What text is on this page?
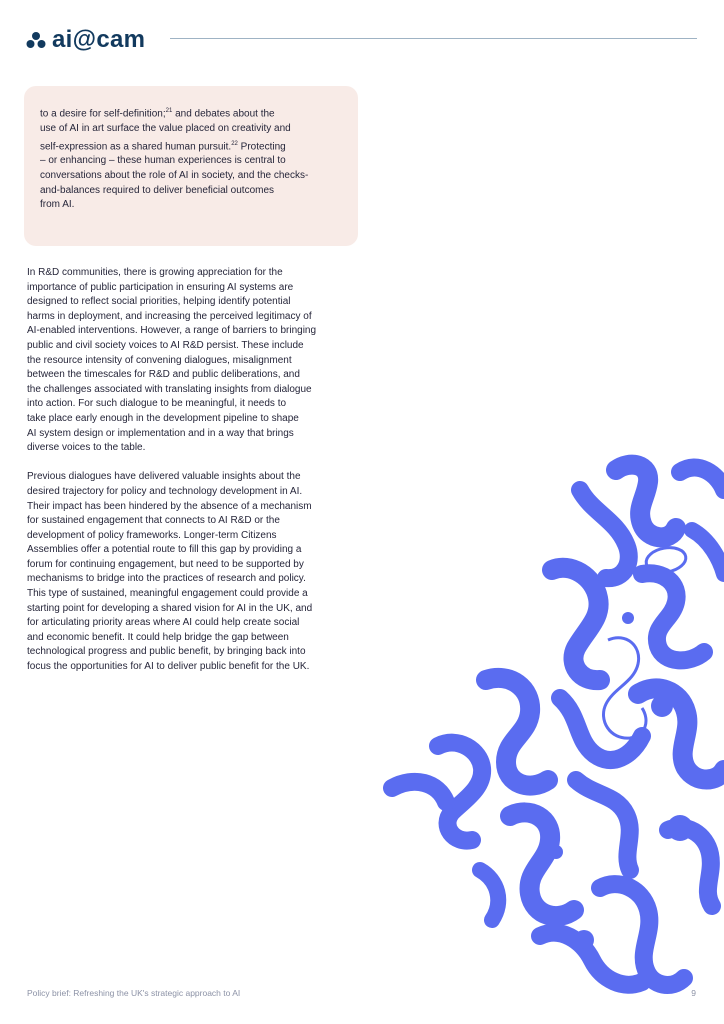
ai@cam
to a desire for self-definition;$^{21}$ and debates about the
use of AI in art surface the value placed on creativity and
self-expression as a shared human pursuit.$^{22}$ Protecting
– or enhancing – these human experiences is central to
conversations about the role of AI in society, and the checks-
and-balances required to deliver beneficial outcomes
from AI.
In R&D communities, there is growing appreciation for the
importance of public participation in ensuring AI systems are
designed to reflect social priorities, helping identify potential
harms in deployment, and increasing the perceived legitimacy of
AI-enabled interventions. However, a range of barriers to bringing
public and civil society voices to AI R&D persist. These include
the resource intensity of convening dialogues, misalignment
between the timescales for R&D and public deliberations, and
the challenges associated with translating insights from dialogue
into action. For such dialogue to be meaningful, it needs to
take place early enough in the development pipeline to shape
AI system design or implementation and in a way that brings
diverse voices to the table.
Previous dialogues have delivered valuable insights about the
desired trajectory for policy and technology development in AI.
Their impact has been hindered by the absence of a mechanism
for sustained engagement that connects to AI R&D or the
development of policy frameworks. Longer-term Citizens
Assemblies offer a potential route to fill this gap by providing a
forum for continuing engagement, but need to be supported by
mechanisms to bridge into the practices of research and policy.
This type of sustained, meaningful engagement could provide a
starting point for developing a shared vision for AI in the UK, and
for articulating priority areas where AI could help create social
and economic benefit. It could help bridge the gap between
technological progress and public benefit, by bringing back into
focus the opportunities for AI to deliver public benefit for the UK.
Policy brief: Refreshing the UK's strategic approach to AI	9
